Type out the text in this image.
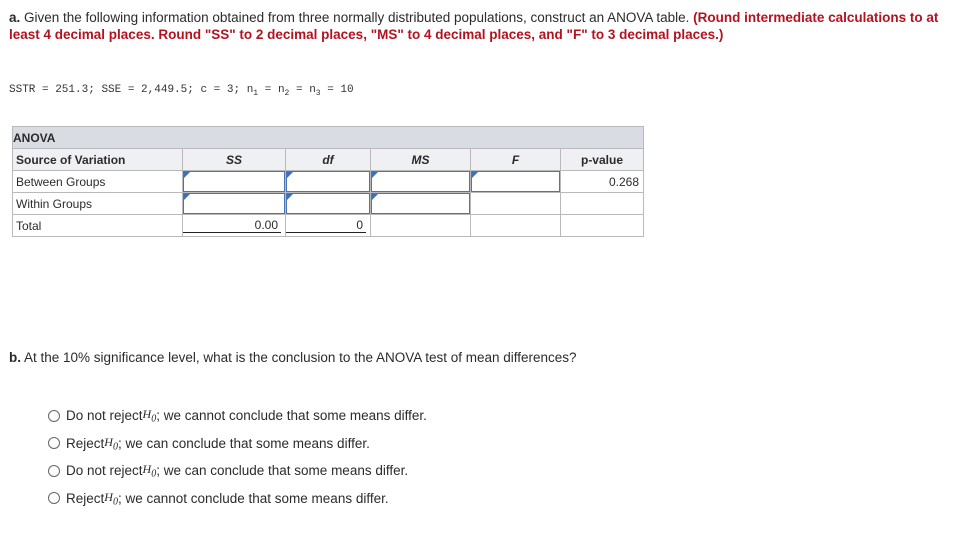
a. Given the following information obtained from three normally distributed populations, construct an ANOVA table. (Round intermediate calculations to at least 4 decimal places. Round "SS" to 2 decimal places, "MS" to 4 decimal places, and "F" to 3 decimal places.)
SSTR = 251.3; SSE = 2,449.5; c = 3; $n_1 = n_2 = n_3 = 10$
ANOVA					
Source of Variation	SS	df	MS	F	p-value
Between Groups					0.268
Within Groups	

Total	0.00	0			

b. At the 10% significance level, what is the conclusion to the ANOVA test of mean differences?
Do not reject $H_0$ ; we cannot conclude that some means differ.
Reject $H_0$ ; we can conclude that some means differ.
Do not reject $H_0$ ; we can conclude that some means differ.
Reject $H_0$ ; we cannot conclude that some means differ.
